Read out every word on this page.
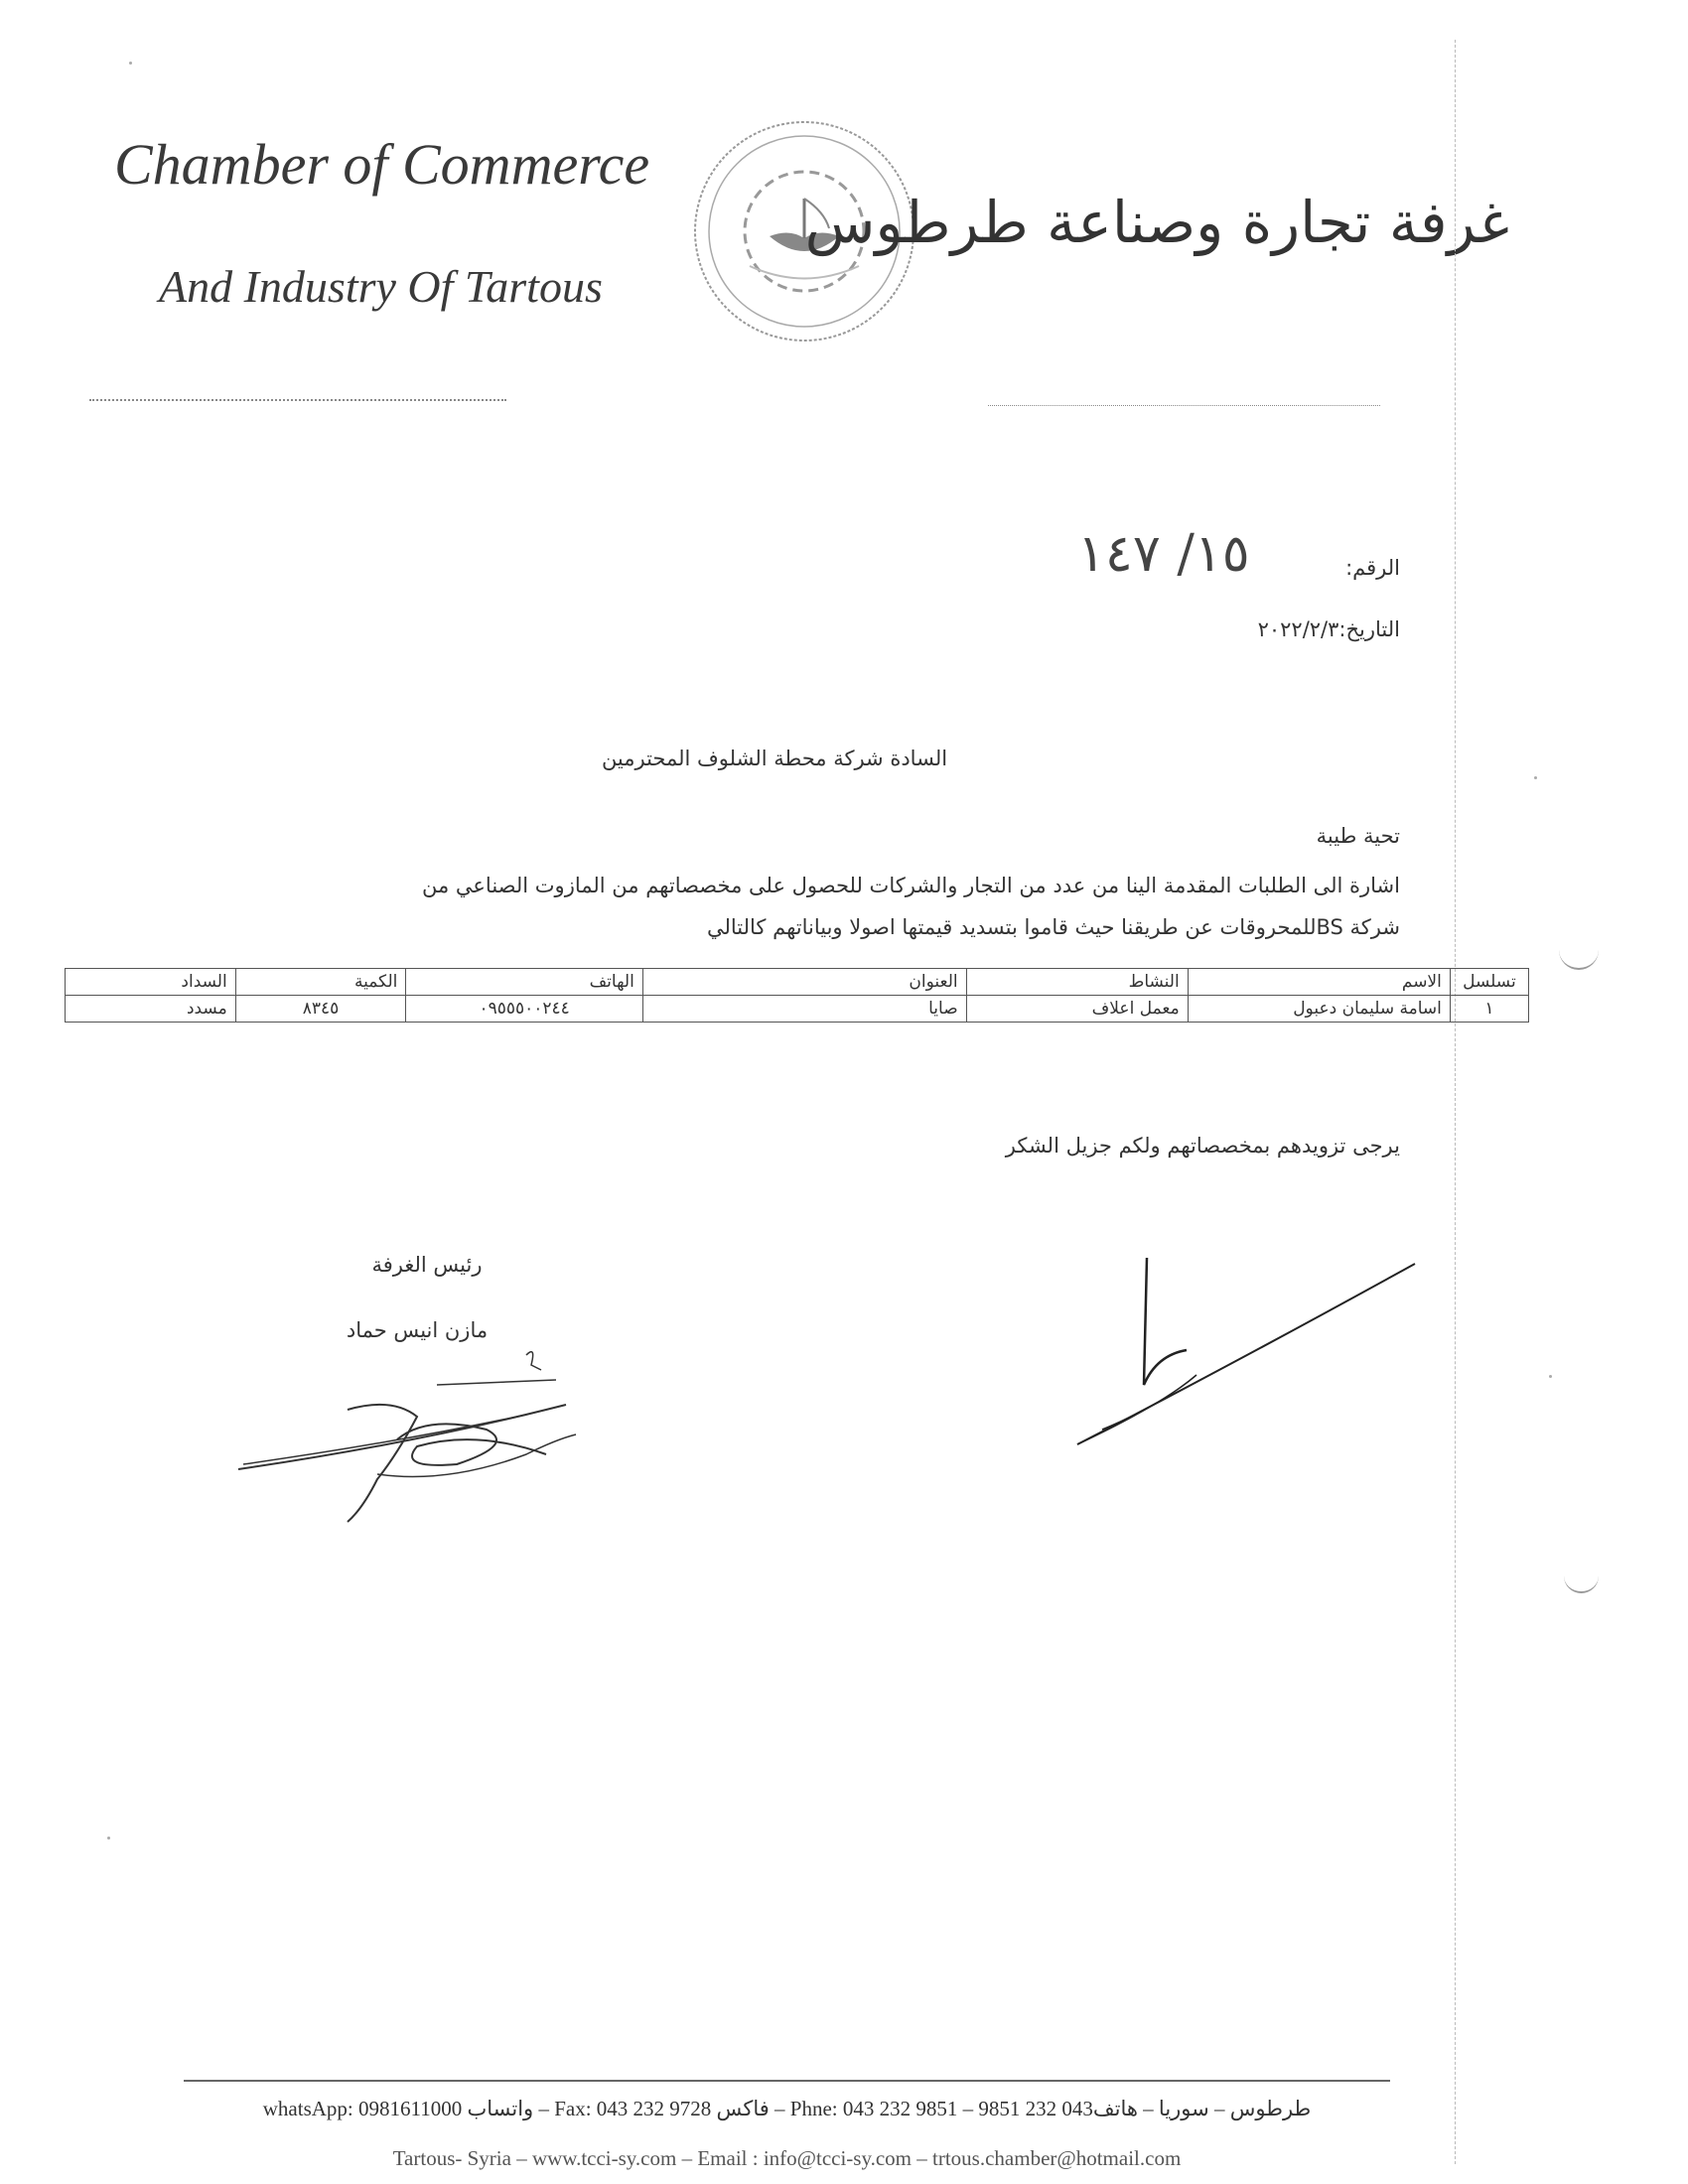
Chamber of Commerce
And Industry Of Tartous
غرفة تجارة وصناعة طرطوس
الرقم:
١٥/ ١٤٧
التاريخ:٢٠٢٢/٢/٣
السادة شركة محطة الشلوف المحترمين
تحية طيبة
اشارة الى الطلبات المقدمة الينا من عدد من التجار والشركات للحصول على مخصصاتهم من المازوت الصناعي من
شركة BSللمحروقات عن طريقنا حيث قاموا بتسديد قيمتها اصولا وبياناتهم كالتالي
تسلسل	الاسم	النشاط	العنوان	الهاتف	الكمية	السداد
١	اسامة سليمان دعبول	معمل اعلاف	صايا	٠٩٥٥٥٠٠٢٤٤	٨٣٤٥	مسدد
يرجى تزويدهم بمخصصاتهم ولكم جزيل الشكر
رئيس الغرفة
مازن انيس حماد
طرطوس – سوريا – هاتف043 232 9851 – Phne: 043 232 9851 – فاكس Fax: 043 232 9728 – واتساب whatsApp: 0981611000
Tartous- Syria – www.tcci-sy.com – Email : info@tcci-sy.com – trtous.chamber@hotmail.com
